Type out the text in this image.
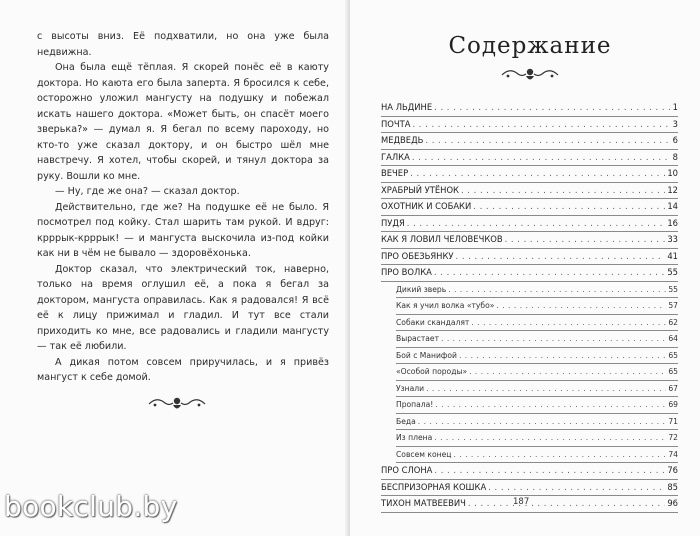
с высоты вниз. Её подхватили, но она уже была недвижна.

Она была ещё тёплая. Я скорей понёс её в каюту доктора. Но каюта его была заперта. Я бросился к себе, осторожно уложил мангусту на подушку и побежал искать нашего доктора. «Может быть, он спасёт моего зверька?» — думал я. Я бегал по всему пароходу, но кто-то уже сказал доктору, и он быстро шёл мне навстречу. Я хотел, чтобы скорей, и тянул доктора за руку. Вошли ко мне.

— Ну, где же она? — сказал доктор.

Действительно, где же? На подушке её не было. Я посмотрел под койку. Стал шарить там рукой. И вдруг: крррык-крррык! — и мангуста выскочила из-под койки как ни в чём не бывало — здоровёхонька.

Доктор сказал, что электрический ток, наверно, только на время оглушил её, а пока я бегал за доктором, мангуста оправилась. Как я радовался! Я всё её к лицу прижимал и гладил. И тут все стали приходить ко мне, все радовались и гладили мангусту — так её любили.

А дикая потом совсем приручилась, и я привёз мангуст к себе домой.

Содержание
НА ЛЬДИНЕ . . .	1
ПОЧТА . . .	3
МЕДВЕДЬ . . .	6
ГАЛКА . . .	8
ВЕЧЕР . . .	10
ХРАБРЫЙ УТЁНОК . . .	12
ОХОТНИК И СОБАКИ . . .	14
ПУДЯ . . .	16
КАК Я ЛОВИЛ ЧЕЛОВЕЧКОВ . . .	33
ПРО ОБЕЗЬЯНКУ . . .	41
ПРО ВОЛКА . . .	55
Дикий зверь . . .	55
Как я учил волка «тубо» . . .	57
Собаки скандалят . . .	62
Вырастает . . .	64
Бой с Манифой . . .	65
«Особой породы» . . .	65
Узнали . . .	67
Пропала! . . .	69
Беда . . .	71
Из плена . . .	72
Совсем конец . . .	74
ПРО СЛОНА . . .	76
БЕСПРИЗОРНАЯ КОШКА . . .	85
ТИХОН МАТВЕЕВИЧ . . .	96
187
bookclub.by
